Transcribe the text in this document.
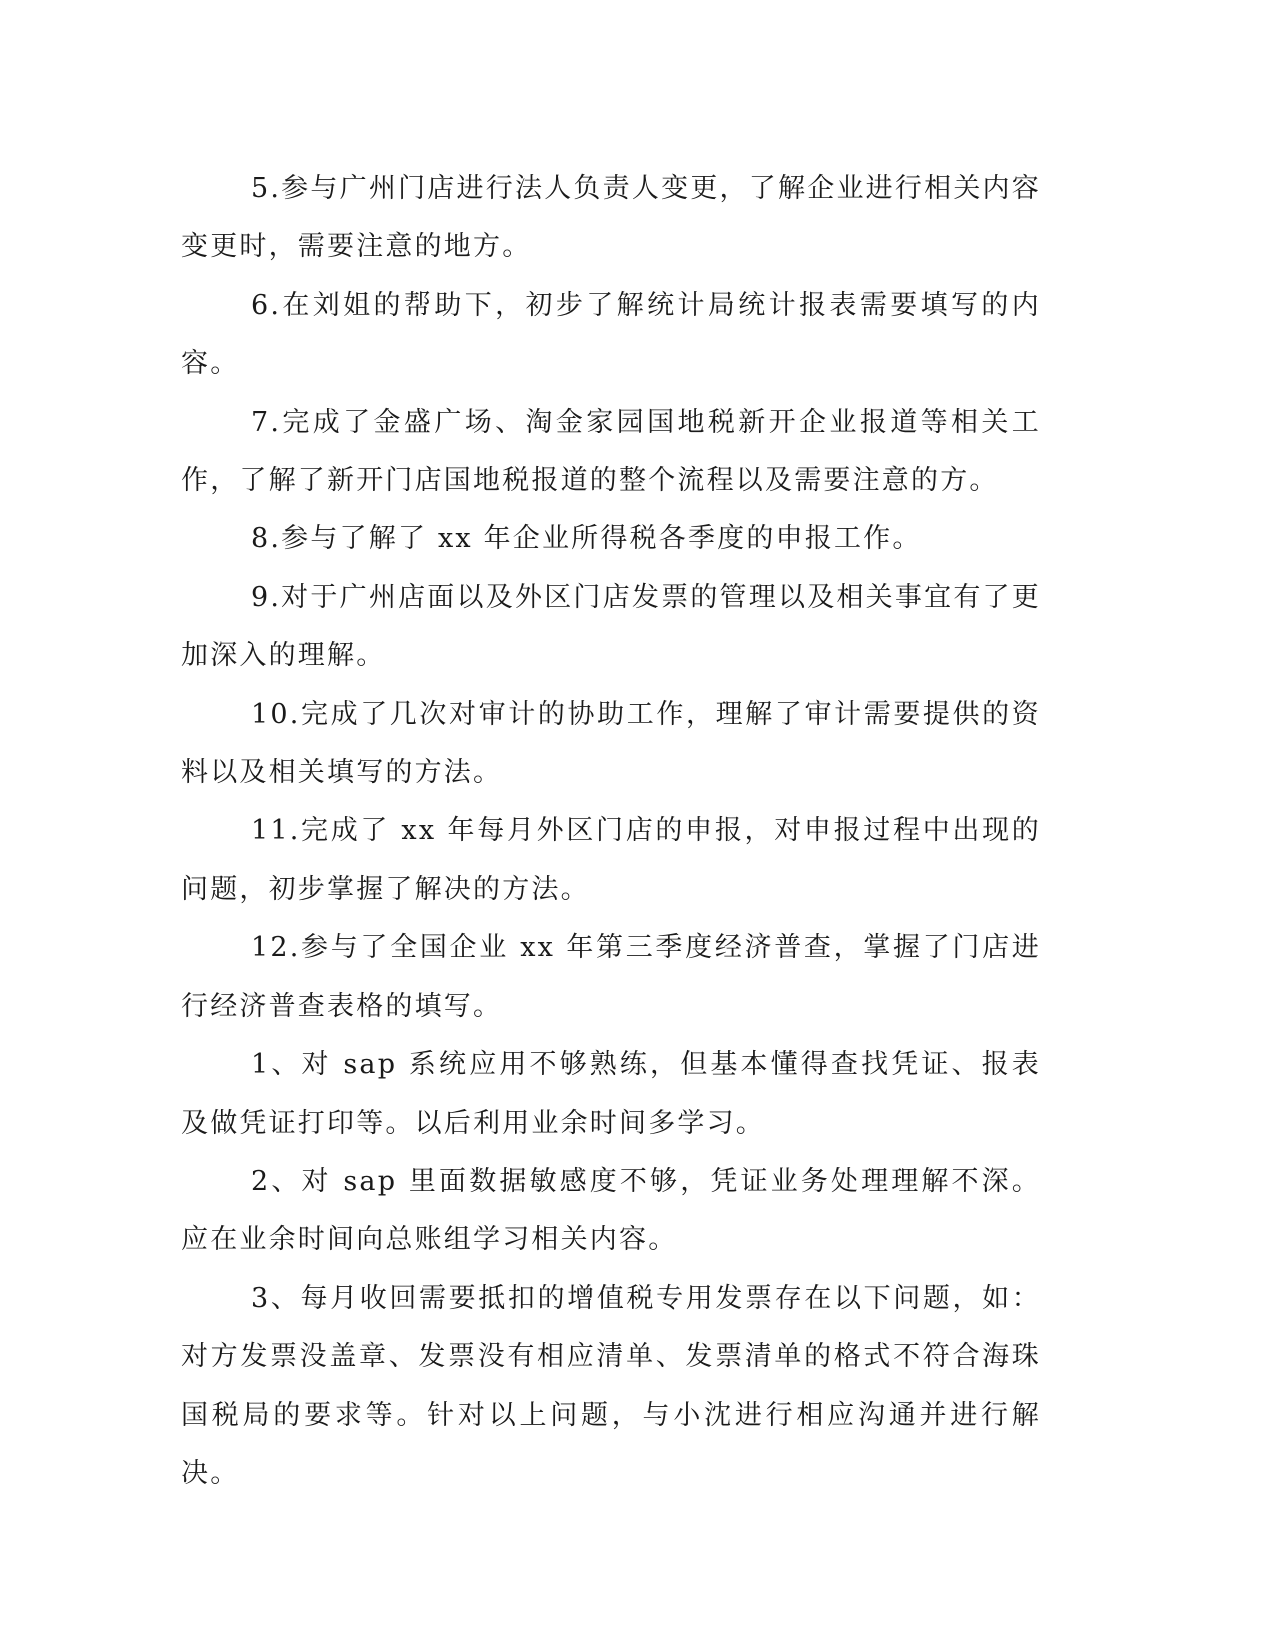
5.参与广州门店进行法人负责人变更，了解企业进行相关内容变更时，需要注意的地方。

6.在刘姐的帮助下，初步了解统计局统计报表需要填写的内容。

7.完成了金盛广场、淘金家园国地税新开企业报道等相关工作，了解了新开门店国地税报道的整个流程以及需要注意的方。

8.参与了解了 xx 年企业所得税各季度的申报工作。

9.对于广州店面以及外区门店发票的管理以及相关事宜有了更加深入的理解。

10.完成了几次对审计的协助工作，理解了审计需要提供的资料以及相关填写的方法。

11.完成了 xx 年每月外区门店的申报，对申报过程中出现的问题，初步掌握了解决的方法。

12.参与了全国企业 xx 年第三季度经济普查，掌握了门店进行经济普查表格的填写。

1、对 sap 系统应用不够熟练，但基本懂得查找凭证、报表及做凭证打印等。以后利用业余时间多学习。

2、对 sap 里面数据敏感度不够，凭证业务处理理解不深。应在业余时间向总账组学习相关内容。

3、每月收回需要抵扣的增值税专用发票存在以下问题，如：对方发票没盖章、发票没有相应清单、发票清单的格式不符合海珠国税局的要求等。针对以上问题，与小沈进行相应沟通并进行解决。
